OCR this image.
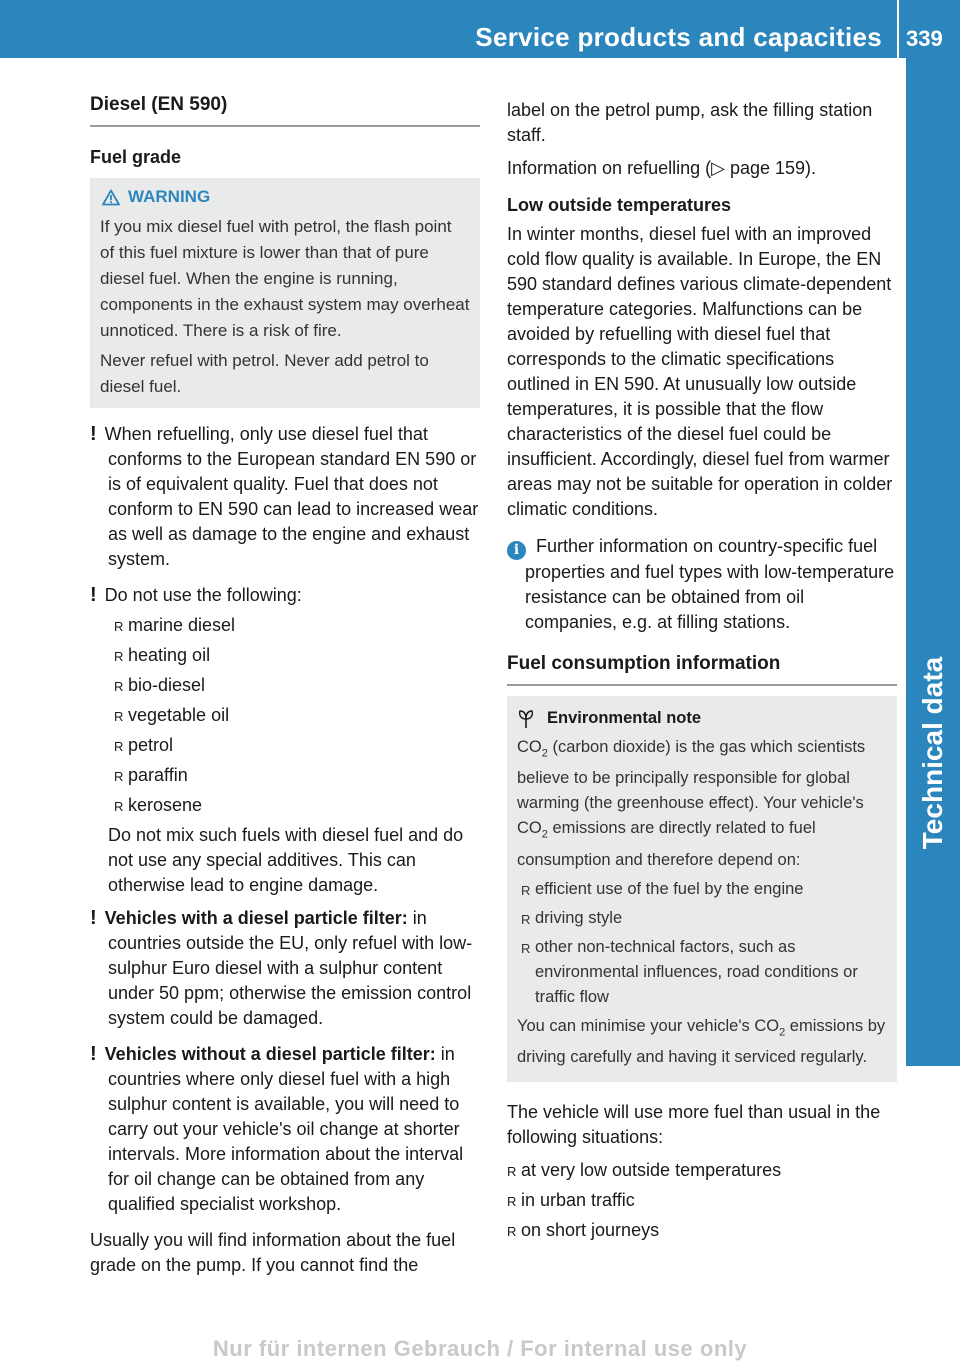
Service products and capacities 339
Technical data
Diesel (EN 590)
Fuel grade
WARNING

If you mix diesel fuel with petrol, the flash point of this fuel mixture is lower than that of pure diesel fuel. When the engine is running, components in the exhaust system may overheat unnoticed. There is a risk of fire.

Never refuel with petrol. Never add petrol to diesel fuel.

! When refuelling, only use diesel fuel that conforms to the European standard EN 590 or is of equivalent quality. Fuel that does not conform to EN 590 can lead to increased wear as well as damage to the engine and exhaust system.
! Do not use the following:
R marine diesel
R heating oil
R bio-diesel
R vegetable oil
R petrol
R paraffin
R kerosene
Do not mix such fuels with diesel fuel and do not use any special additives. This can otherwise lead to engine damage.
! Vehicles with a diesel particle filter: in countries outside the EU, only refuel with low-sulphur Euro diesel with a sulphur content under 50 ppm; otherwise the emission control system could be damaged.
! Vehicles without a diesel particle filter: in countries where only diesel fuel with a high sulphur content is available, you will need to carry out your vehicle's oil change at shorter intervals. More information about the interval for oil change can be obtained from any qualified specialist workshop.
Usually you will find information about the fuel grade on the pump. If you cannot find the
label on the petrol pump, ask the filling station staff.
Information on refuelling (▷ page 159).
Low outside temperatures
In winter months, diesel fuel with an improved cold flow quality is available. In Europe, the EN 590 standard defines various climate-dependent temperature categories. Malfunctions can be avoided by refuelling with diesel fuel that corresponds to the climatic specifications outlined in EN 590. At unusually low outside temperatures, it is possible that the flow characteristics of the diesel fuel could be insufficient. Accordingly, diesel fuel from warmer areas may not be suitable for operation in colder climatic conditions.
i Further information on country-specific fuel properties and fuel types with low-temperature resistance can be obtained from oil companies, e.g. at filling stations.
Fuel consumption information
Environmental note

$CO_2$ (carbon dioxide) is the gas which scientists believe to be principally responsible for global warming (the greenhouse effect). Your vehicle's $CO_2$ emissions are directly related to fuel consumption and therefore depend on:

R efficient use of the fuel by the engine
R driving style
R other non-technical factors, such as environmental influences, road conditions or traffic flow

You can minimise your vehicle's $CO_2$ emissions by driving carefully and having it serviced regularly.

The vehicle will use more fuel than usual in the following situations:
R at very low outside temperatures
R in urban traffic
R on short journeys
Nur für internen Gebrauch / For internal use only
